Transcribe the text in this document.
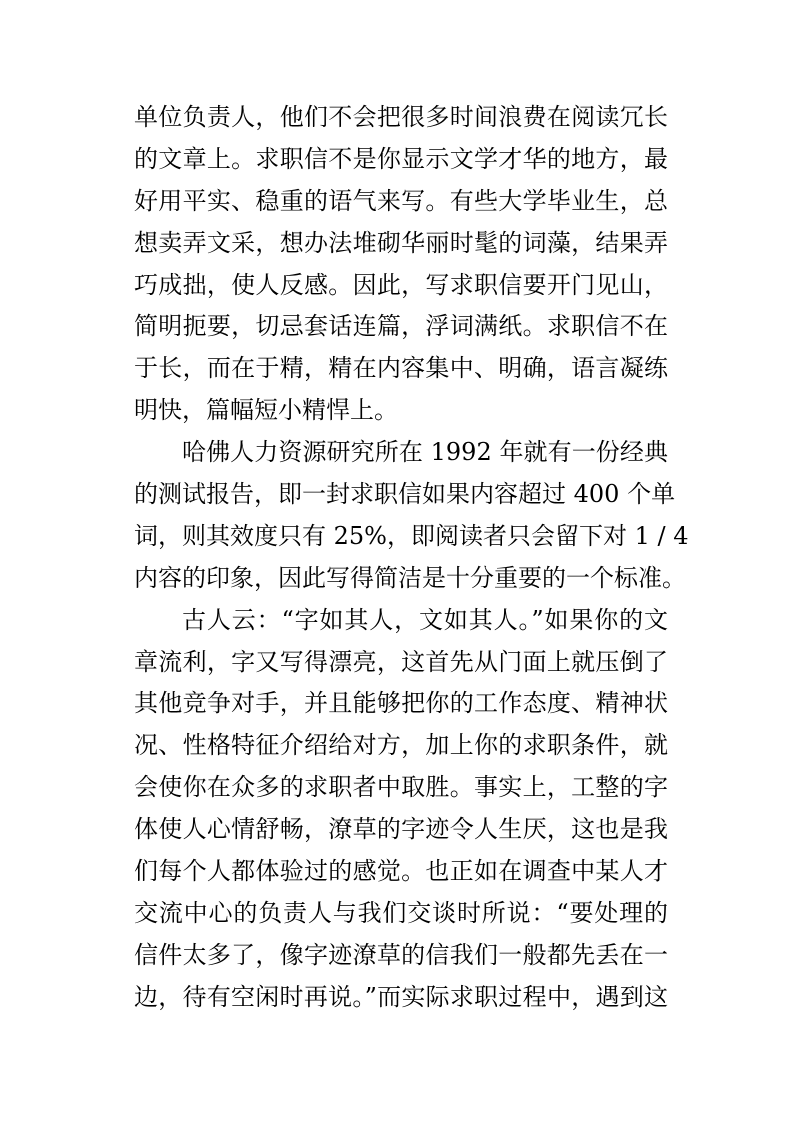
单位负责人，他们不会把很多时间浪费在阅读冗长
的文章上。求职信不是你显示文学才华的地方，最
好用平实、稳重的语气来写。有些大学毕业生，总
想卖弄文采，想办法堆砌华丽时髦的词藻，结果弄
巧成拙，使人反感。因此，写求职信要开门见山，
简明扼要，切忌套话连篇，浮词满纸。求职信不在
于长，而在于精，精在内容集中、明确，语言凝练
明快，篇幅短小精悍上。
哈佛人力资源研究所在 1992 年就有一份经典
的测试报告，即一封求职信如果内容超过 400 个单
词，则其效度只有 25%，即阅读者只会留下对 1 / 4
内容的印象，因此写得简洁是十分重要的一个标准。
古人云：“字如其人，文如其人。”如果你的文
章流利，字又写得漂亮，这首先从门面上就压倒了
其他竞争对手，并且能够把你的工作态度、精神状
况、性格特征介绍给对方，加上你的求职条件，就
会使你在众多的求职者中取胜。事实上，工整的字
体使人心情舒畅，潦草的字迹令人生厌，这也是我
们每个人都体验过的感觉。也正如在调查中某人才
交流中心的负责人与我们交谈时所说：“要处理的
信件太多了，像字迹潦草的信我们一般都先丢在一
边，待有空闲时再说。”而实际求职过程中，遇到这
